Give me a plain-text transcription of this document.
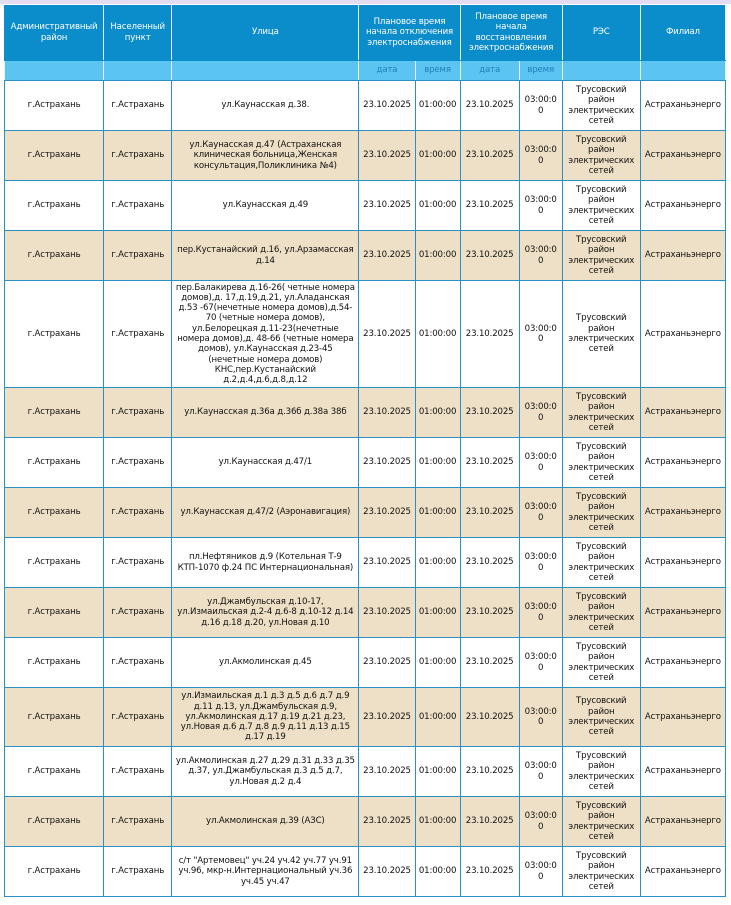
Административный район	Населенный пункт	Улица	Плановое время начала отключения электроснабжения		Плановое время начала восстановления электроснабжения		РЭС	Филиал
			дата	время	дата	время		
г.Астрахань	г.Астрахань	ул.Каунасская д.38.	23.10.2025	01:00:00	23.10.2025	03:00:00	Трусовский район электрических сетей	Астраханьэнерго
г.Астрахань	г.Астрахань	ул.Каунасская д.47 (Астраханская клиническая больница,Женская консультация,Поликлиника №4)	23.10.2025	01:00:00	23.10.2025	03:00:00	Трусовский район электрических сетей	Астраханьэнерго
г.Астрахань	г.Астрахань	ул.Каунасская д.49	23.10.2025	01:00:00	23.10.2025	03:00:00	Трусовский район электрических сетей	Астраханьэнерго
г.Астрахань	г.Астрахань	пер.Кустанайский д.16, ул.Арзамасская д.14	23.10.2025	01:00:00	23.10.2025	03:00:00	Трусовский район электрических сетей	Астраханьэнерго
г.Астрахань	г.Астрахань	пер.Балакирева д.16-26( четные номера домов),д. 17,д.19,д.21, ул.Аладанская д.53 -67(нечетные номера домов),д.54-70 (четные номера домов), ул.Белорецкая д.11-23(нечетные номера домов),д. 48-66 (четные номера домов), ул.Каунасская д.23-45 (нечетные номера домов) КНС,пер.Кустанайский д.2,д.4,д.6,д.8,д.12	23.10.2025	01:00:00	23.10.2025	03:00:00	Трусовский район электрических сетей	Астраханьэнерго
г.Астрахань	г.Астрахань	ул.Каунасская д.36а д.36б д.38а 38б	23.10.2025	01:00:00	23.10.2025	03:00:00	Трусовский район электрических сетей	Астраханьэнерго
г.Астрахань	г.Астрахань	ул.Каунасская д.47/1	23.10.2025	01:00:00	23.10.2025	03:00:00	Трусовский район электрических сетей	Астраханьэнерго
г.Астрахань	г.Астрахань	ул.Каунасская д.47/2 (Аэронавигация)	23.10.2025	01:00:00	23.10.2025	03:00:00	Трусовский район электрических сетей	Астраханьэнерго
г.Астрахань	г.Астрахань	пл.Нефтяников д.9 (Котельная Т-9 КТП-1070 ф.24 ПС Интернациональная)	23.10.2025	01:00:00	23.10.2025	03:00:00	Трусовский район электрических сетей	Астраханьэнерго
г.Астрахань	г.Астрахань	ул.Джамбульская д.10-17, ул.Измаильская д.2-4 д.6-8 д.10-12 д.14 д.16 д.18 д.20, ул.Новая д.10	23.10.2025	01:00:00	23.10.2025	03:00:00	Трусовский район электрических сетей	Астраханьэнерго
г.Астрахань	г.Астрахань	ул.Акмолинская д.45	23.10.2025	01:00:00	23.10.2025	03:00:00	Трусовский район электрических сетей	Астраханьэнерго
г.Астрахань	г.Астрахань	ул.Измаильская д.1 д.3 д.5 д.6 д.7 д.9 д.11 д.13, ул.Джамбульская д.9, ул.Акмолинская д.17 д.19 д.21 д.23, ул.Новая д.6 д.7 д.8 д.9 д.11 д.13 д.15 д.17 д.19	23.10.2025	01:00:00	23.10.2025	03:00:00	Трусовский район электрических сетей	Астраханьэнерго
г.Астрахань	г.Астрахань	ул.Акмолинская д.27 д.29 д.31 д.33 д.35 д.37, ул.Джамбульская д.3 д.5 д.7, ул.Новая д.2 д.4	23.10.2025	01:00:00	23.10.2025	03:00:00	Трусовский район электрических сетей	Астраханьэнерго
г.Астрахань	г.Астрахань	ул.Акмолинская д.39 (АЗС)	23.10.2025	01:00:00	23.10.2025	03:00:00	Трусовский район электрических сетей	Астраханьэнерго
г.Астрахань	г.Астрахань	с/т "Артемовец" уч.24 уч.42 уч.77 уч.91 уч.96, мкр-н.Интернациональный уч.36 уч.45 уч.47	23.10.2025	01:00:00	23.10.2025	03:00:00	Трусовский район электрических сетей	Астраханьэнерго
